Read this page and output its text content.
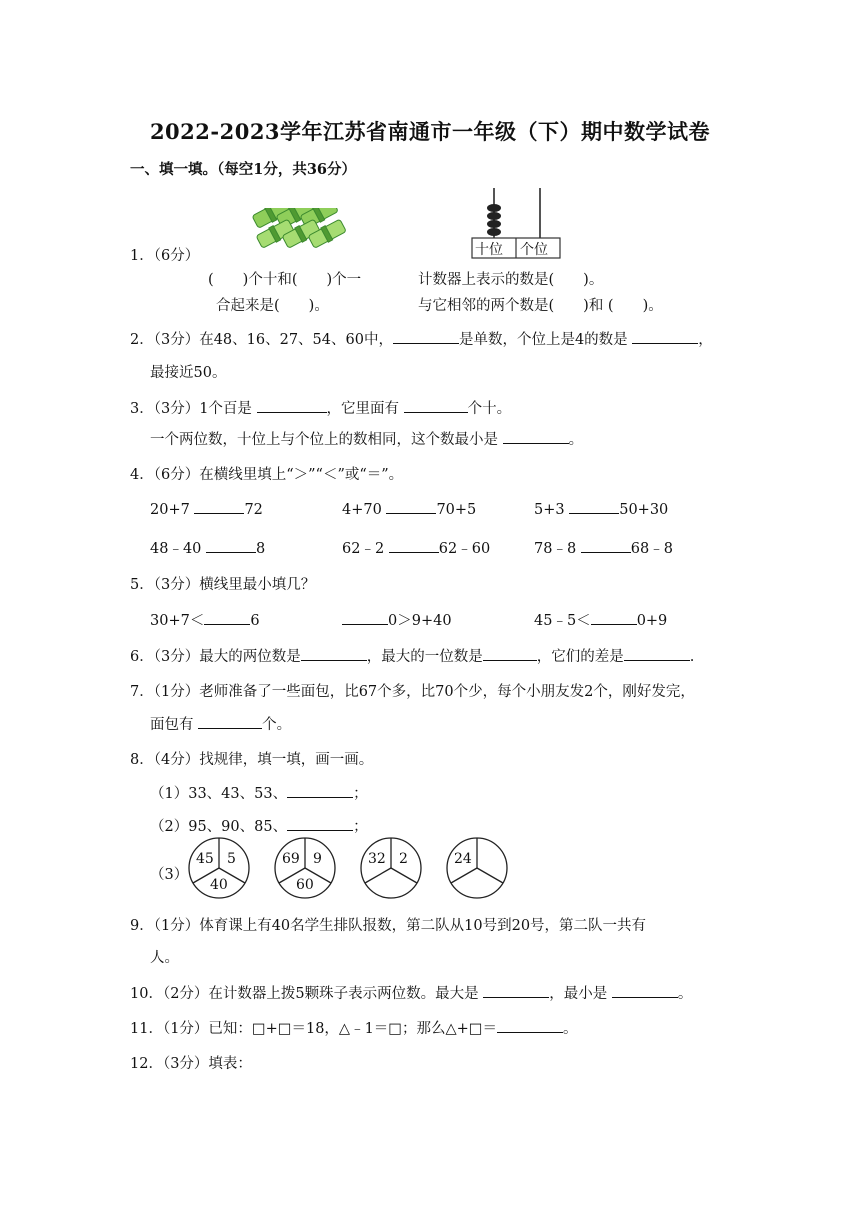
2022-2023学年江苏省南通市一年级（下）期中数学试卷
一、填一填。（每空1分，共36分）
1．（6分）	十位 个位
(　　)个十和(　　)个一
合起来是(　　)。
计数器上表示的数是(　　)。
与它相邻的两个数是(　　)和 (　　)。
2．（3分）在48、16、27、54、60中，	是单数，个位上是4的数是	，
最接近50。
3．（3分）1个百是	，它里面有	个十。
一个两位数，十位上与个位上的数相同，这个数最小是	。
4．（6分）在横线里填上“＞”“＜”或“＝”。
20+7	72	4+70	70+5	5+3	50+30
48﹣40	8	62﹣2	62﹣60	78﹣8	68﹣8
5．（3分）横线里最小填几？
30+7＜	6	0＞9+40	45﹣5＜	0+9
6．（3分）最大的两位数是	，最大的一位数是	，它们的差是	.
7．（1分）老师准备了一些面包，比67个多，比70个少，每个小朋友发2个，刚好发完，
面包有	个。
8．（4分）找规律，填一填，画一画。
（1）33、43、53、	；
（2）95、90、85、	；
（3）
45 5
40
69 9
60
32 2	24
9．（1分）体育课上有40名学生排队报数，第二队从10号到20号，第二队一共有
人。
10．（2分）在计数器上拨5颗珠子表示两位数。最大是	，最小是	。
11．（1分）已知：□+□＝18，△﹣1＝□；那么△+□＝	。
12．（3分）填表：
